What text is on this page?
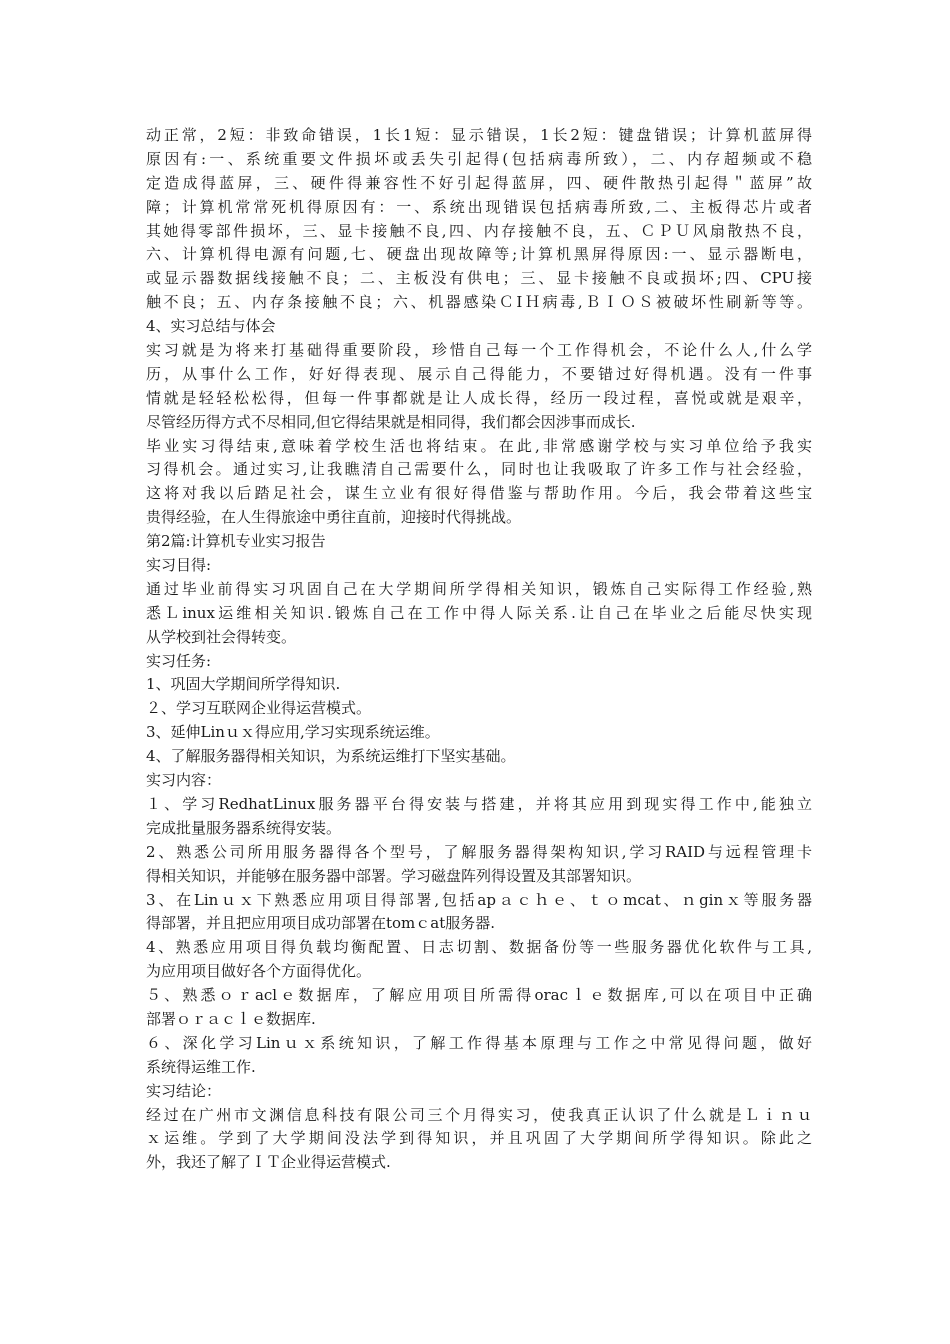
动正常，2短：非致命错误，1长1短：显示错误，1长2短：键盘错误；计算机蓝屏得
原因有:一、系统重要文件损坏或丢失引起得(包括病毒所致），二、内存超频或不稳
定造成得蓝屏，三、硬件得兼容性不好引起得蓝屏，四、硬件散热引起得＂蓝屏”故
障；计算机常常死机得原因有：一、系统出现错误包括病毒所致,二、主板得芯片或者
其她得零部件损坏，三、显卡接触不良,四、内存接触不良，五、ＣＰＵ风扇散热不良，
六、计算机得电源有问题,七、硬盘出现故障等;计算机黑屏得原因:一、显示器断电，
或显示器数据线接触不良；二、主板没有供电；三、显卡接触不良或损坏;四、CPU接
触不良；五、内存条接触不良；六、机器感染ＣIＨ病毒,ＢＩＯＳ被破坏性刷新等等。
4、实习总结与体会
实习就是为将来打基础得重要阶段，珍惜自己每一个工作得机会，不论什么人,什么学
历，从事什么工作，好好得表现、展示自己得能力，不要错过好得机遇。没有一件事
情就是轻轻松松得，但每一件事都就是让人成长得，经历一段过程，喜悦或就是艰辛，
尽管经历得方式不尽相同,但它得结果就是相同得，我们都会因涉事而成长.
毕业实习得结束,意味着学校生活也将结束。在此,非常感谢学校与实习单位给予我实
习得机会。通过实习,让我瞧清自己需要什么，同时也让我吸取了许多工作与社会经验，
这将对我以后踏足社会，谋生立业有很好得借鉴与帮助作用。今后，我会带着这些宝
贵得经验，在人生得旅途中勇往直前，迎接时代得挑战。
第2篇:计算机专业实习报告
实习目得:
通过毕业前得实习巩固自己在大学期间所学得相关知识，锻炼自己实际得工作经验,熟
悉Ｌinux运维相关知识.锻炼自己在工作中得人际关系.让自己在毕业之后能尽快实现
从学校到社会得转变。
实习任务:
1、巩固大学期间所学得知识.
２、学习互联网企业得运营模式。
3、延伸Linｕｘ得应用,学习实现系统运维。
4、了解服务器得相关知识，为系统运维打下坚实基础。
实习内容：
１、学习RedhatLinux服务器平台得安装与搭建，并将其应用到现实得工作中,能独立
完成批量服务器系统得安装。
2、熟悉公司所用服务器得各个型号，了解服务器得架构知识,学习RAID与远程管理卡
得相关知识，并能够在服务器中部署。学习磁盘阵列得设置及其部署知识。
3、在Linｕｘ下熟悉应用项目得部署,包括apａｃｈｅ、ｔｏmcat、ｎginｘ等服务器
得部署，并且把应用项目成功部署在tomｃat服务器.
4、熟悉应用项目得负载均衡配置、日志切割、数据备份等一些服务器优化软件与工具,
为应用项目做好各个方面得优化。
５、熟悉ｏｒaclｅ数据库，了解应用项目所需得oracｌｅ数据库,可以在项目中正确
部署ｏｒａｃｌｅ数据库.
６、深化学习Linｕｘ系统知识，了解工作得基本原理与工作之中常见得问题，做好
系统得运维工作.
实习结论：
经过在广州市文渊信息科技有限公司三个月得实习，使我真正认识了什么就是Ｌｉｎｕ
ｘ运维。学到了大学期间没法学到得知识，并且巩固了大学期间所学得知识。除此之
外，我还了解了ＩＴ企业得运营模式.
